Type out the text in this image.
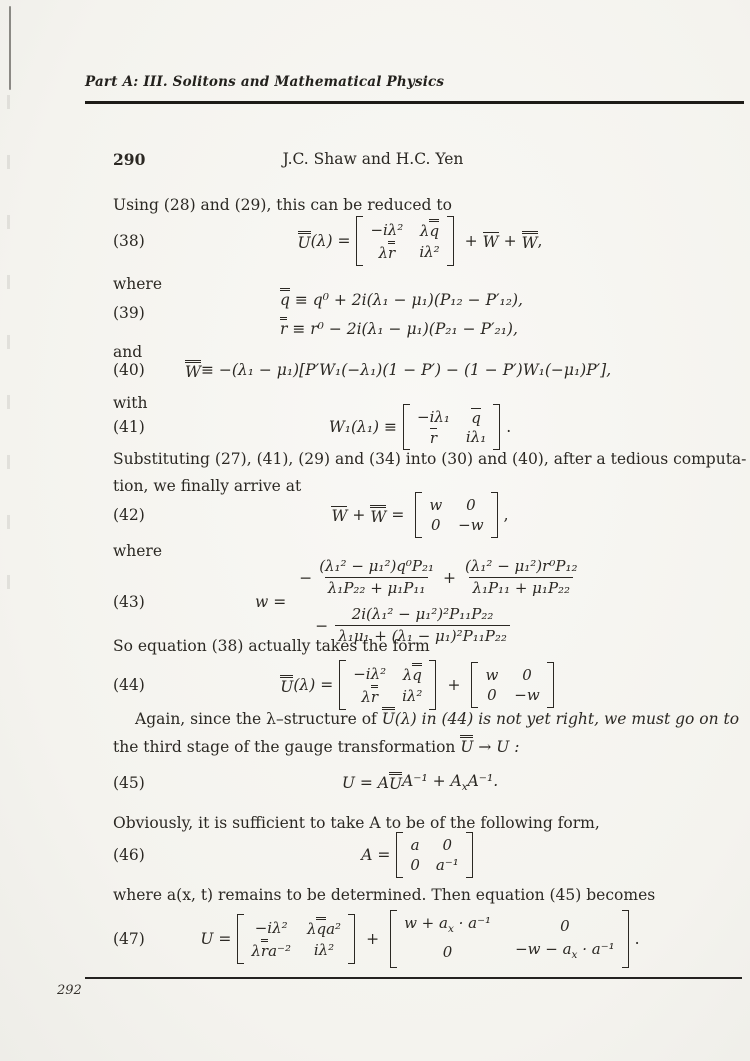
Part A: III. Solitons and Mathematical Physics
290	J.C. Shaw and H.C. Yen
Using (28) and (29), this can be reduced to
(38)	U (λ) =
−iλ² λq
λr iλ²
+ W + W ,
where
(39)
q ≡ q⁰ + 2i(λ₁ − μ₁)(P₁₂ − P′₁₂),
r ≡ r⁰ − 2i(λ₁ − μ₁)(P₂₁ − P′₂₁),
and
(40)	W ≡ −(λ₁ − μ₁)[P′W₁(−λ₁)(1 − P′) − (1 − P′)W₁(−μ₁)P′],
with
(41)	W₁(λ₁) ≡
−iλ₁ q
r iλ₁
.
Substituting (27), (41), (29) and (34) into (30) and (40), after a tedious computa-
tion, we finally arrive at
(42)	W + W =
w 0
0 −w
,
where
(43)	w =
− $\frac{\text{(λ₁² − μ₁²)q⁰P₂₁}}{\text{λ₁P₂₂ + μ₁P₁₁}} + \frac{\text{(λ₁² − μ₁²)r⁰P₁₂}}{\text{λ₁P₁₁ + μ₁P₂₂}}$
− $\frac{\text{2i(λ₁² − μ₁²)²P₁₁P₂₂}}{\text{λ₁μ₁ + (λ₁ − μ₁)²P₁₁P₂₂}}$
So equation (38) actually takes the form
(44)	U (λ) =
−iλ² λq
λr iλ²
+
w 0
0 −w
Again, since the λ–structure of U(λ) in (44) is not yet right, we must go on to
the third stage of the gauge transformation U → U :
(45)	U = A U $A^{-1} + A_xA^{-1}$.
Obviously, it is sufficient to take A to be of the following form,
(46)	A =
a 0
0 a⁻¹
where a(x, t) remains to be determined. Then equation (45) becomes
(47)	U =
−iλ² λqa²
λra⁻² iλ²
+
$w + a_x \cdot a^{-1}$	0
0	$-w - a_x \cdot a^{-1}$
.
292
